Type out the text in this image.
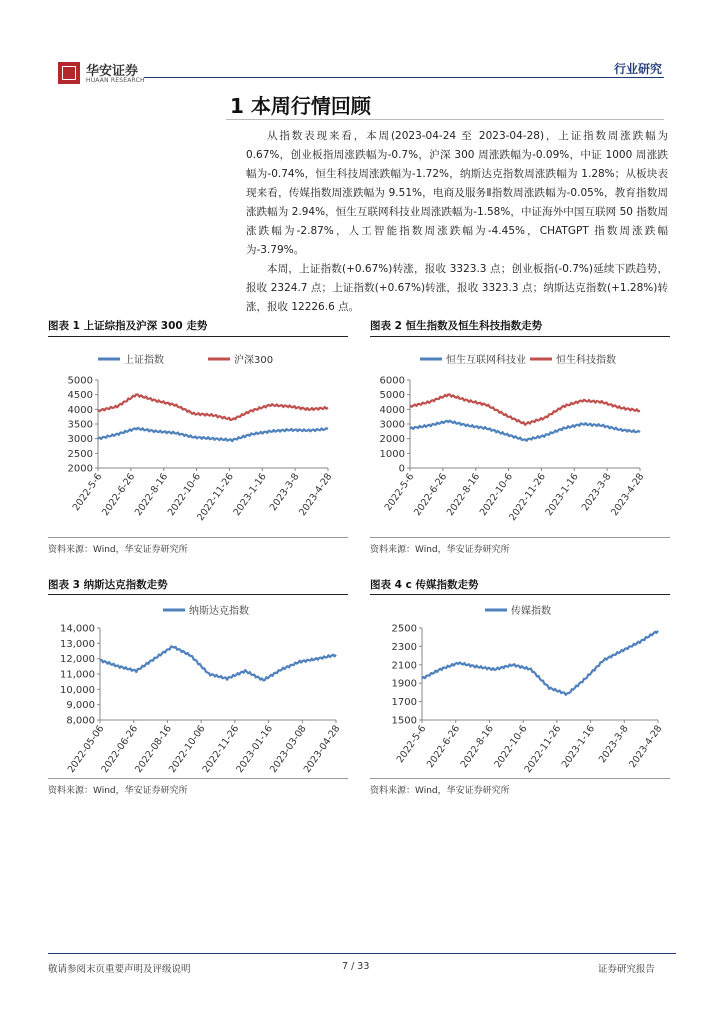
华安证券
HUAAN RESEARCH
行业研究
1 本周行情回顾

从指数表现来看，本周(2023-04-24 至 2023-04-28)，上证指数周涨跌幅为 0.67%，创业板指周涨跌幅为-0.7%，沪深 300 周涨跌幅为-0.09%，中证 1000 周涨跌幅为-0.74%，恒生科技周涨跌幅为-1.72%，纳斯达克指数周涨跌幅为 1.28%；从板块表现来看，传媒指数周涨跌幅为 9.51%，电商及服务Ⅱ指数周涨跌幅为-0.05%，教育指数周涨跌幅为 2.94%，恒生互联网科技业周涨跌幅为-1.58%，中证海外中国互联网 50 指数周涨跌幅为-2.87%，人工智能指数周涨跌幅为-4.45%，CHATGPT 指数周涨跌幅为-3.79%。

本周，上证指数(+0.67%)转涨，报收 3323.3 点；创业板指(-0.7%)延续下跌趋势，报收 2324.7 点；上证指数(+0.67%)转涨，报收 3323.3 点；纳斯达克指数(+1.28%)转涨，报收 12226.6 点。

图表 1 上证综指及沪深 300 走势
上证指数	沪深300
5000
4500
4000
3500
3000
2500
2000
2022-5-6
2022-6-26
2022-8-16
2022-10-6
2022-11-26
2023-1-16 2023-3-8
2023-4-28
资料来源：Wind，华安证券研究所
图表 2 恒生指数及恒生科技指数走势
恒生互联网科技业	恒生科技指数
6000
5000
4000
3000
2000
1000
0
2022-5-6
2022-6-26
2022-8-16
2022-10-6
2022-11-26
2023-1-16 2023-3-8
2023-4-28
资料来源：Wind，华安证券研究所
图表 3 纳斯达克指数走势
纳斯达克指数
14,000
13,000
12,000
11,000
10,000
9,000
8,000
2022-05-06
2022-06-26
2022-08-16
2022-10-06
2022-11-26
2023-01-16
2023-03-08
2023-04-28
资料来源：Wind，华安证券研究所
图表 4 c 传媒指数走势
传媒指数
2500
2300
2100
1900
1700
1500
2022-5-6
2022-6-26
2022-8-16
2022-10-6
2022-11-26
2023-1-16 2023-3-8
2023-4-28
资料来源：Wind，华安证券研究所
敬请参阅末页重要声明及评级说明	7 / 33	证券研究报告
